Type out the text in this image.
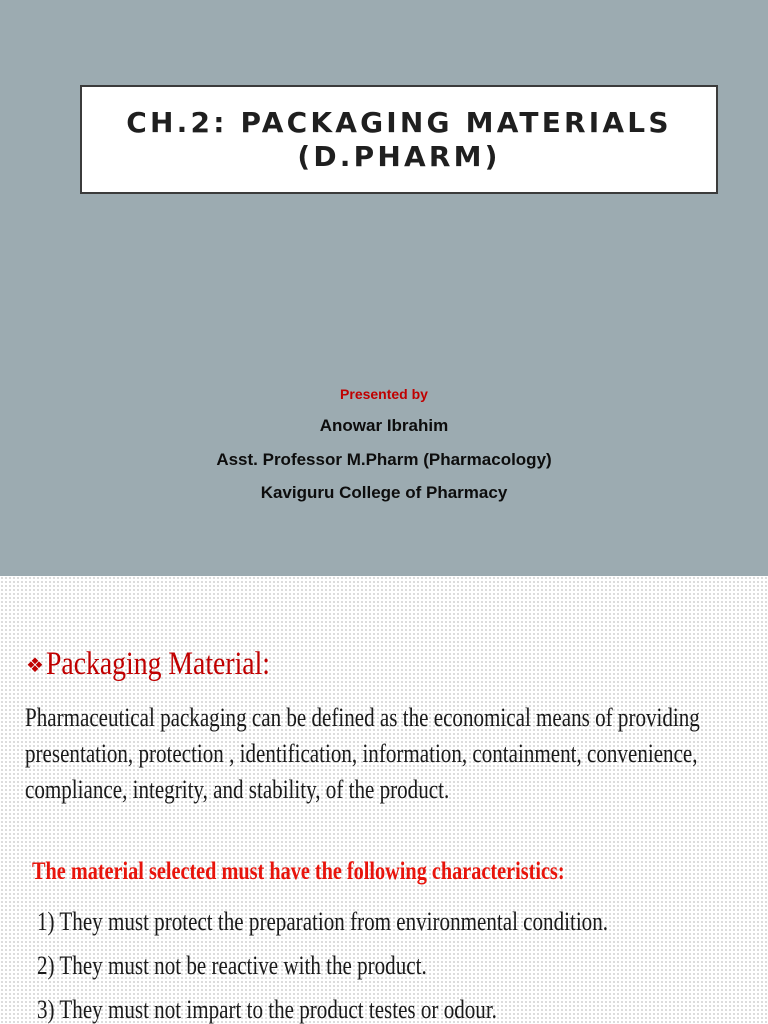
CH.2: PACKAGING MATERIALS
(D.PHARM)
Presented by
Anowar Ibrahim
Asst. Professor M.Pharm (Pharmacology)
Kaviguru College of Pharmacy
❖ Packaging Material:
Pharmaceutical packaging can be defined as the economical means of providing
presentation, protection , identification, information, containment, convenience,
compliance, integrity, and stability, of the product.
The material selected must have the following characteristics:
1) They must protect the preparation from environmental condition.
2) They must not be reactive with the product.
3) They must not impart to the product testes or odour.
